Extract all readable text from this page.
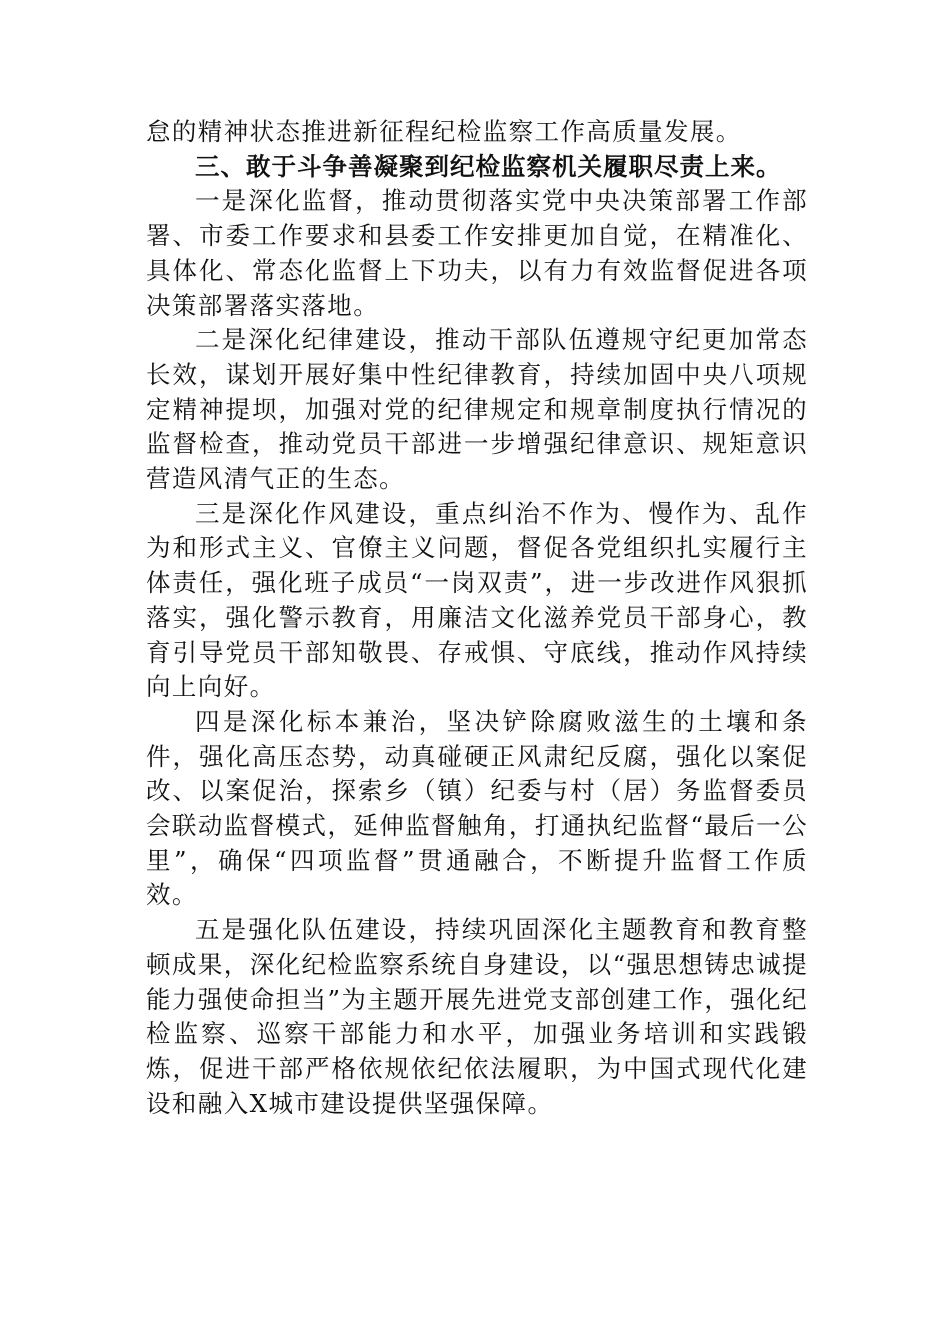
怠的精神状态推进新征程纪检监察工作高质量发展。

三、敢于斗争善凝聚到纪检监察机关履职尽责上来。

一是深化监督，推动贯彻落实党中央决策部署工作部署、市委工作要求和县委工作安排更加自觉，在精准化、具体化、常态化监督上下功夫，以有力有效监督促进各项决策部署落实落地。

二是深化纪律建设，推动干部队伍遵规守纪更加常态长效，谋划开展好集中性纪律教育，持续加固中央八项规定精神提坝，加强对党的纪律规定和规章制度执行情况的监督检查，推动党员干部进一步增强纪律意识、规矩意识营造风清气正的生态。

三是深化作风建设，重点纠治不作为、慢作为、乱作为和形式主义、官僚主义问题，督促各党组织扎实履行主体责任，强化班子成员“一岗双责”，进一步改进作风狠抓落实，强化警示教育，用廉洁文化滋养党员干部身心，教育引导党员干部知敬畏、存戒惧、守底线，推动作风持续向上向好。

四是深化标本兼治，坚决铲除腐败滋生的土壤和条件，强化高压态势，动真碰硬正风肃纪反腐，强化以案促改、以案促治，探索乡（镇）纪委与村（居）务监督委员会联动监督模式，延伸监督触角，打通执纪监督“最后一公里”，确保“四项监督”贯通融合，不断提升监督工作质效。

五是强化队伍建设，持续巩固深化主题教育和教育整顿成果，深化纪检监察系统自身建设，以“强思想铸忠诚提能力强使命担当”为主题开展先进党支部创建工作，强化纪检监察、巡察干部能力和水平，加强业务培训和实践锻炼，促进干部严格依规依纪依法履职，为中国式现代化建设和融入X城市建设提供坚强保障。
